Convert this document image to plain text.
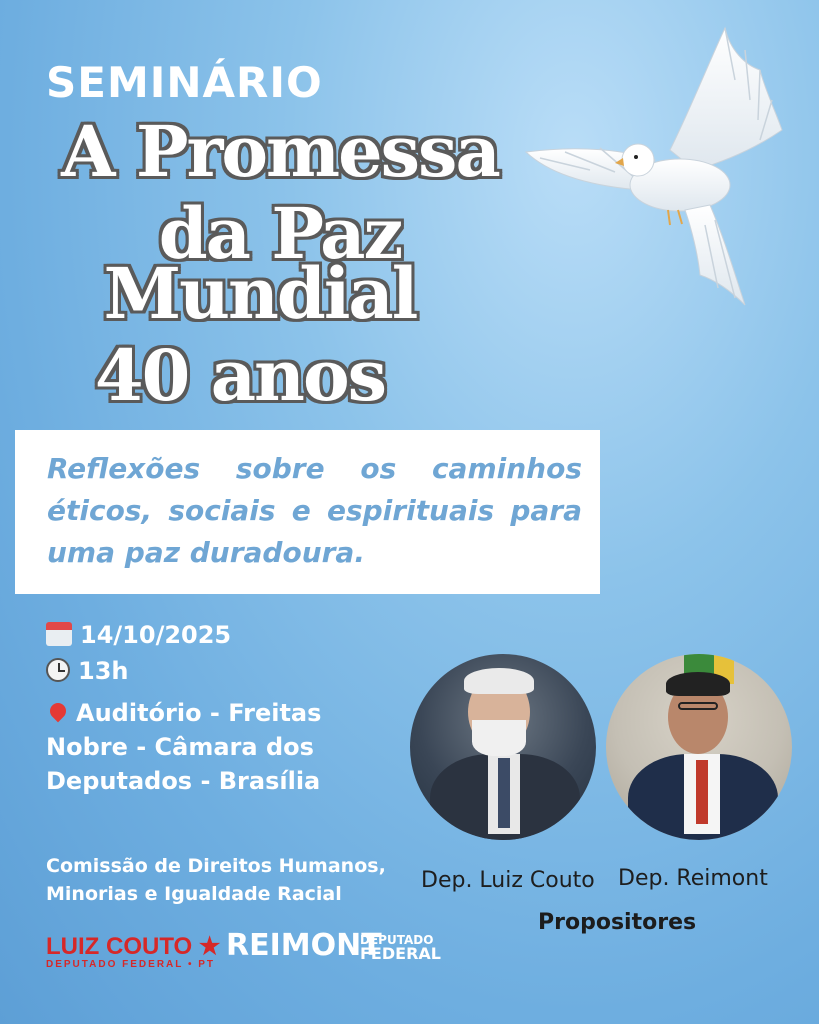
SEMINÁRIO
A Promessa
da Paz
Mundial
40 anos
Reflexões sobre os caminhos éticos, sociais e espirituais para uma paz duradoura.
14/10/2025
13h
Auditório - Freitas
Nobre - Câmara dos
Deputados - Brasília
Dep. Luiz Couto Dep. Reimont
Propositores
Comissão de Direitos Humanos,
Minorias e Igualdade Racial
LUIZ COUTO ★
DEPUTADO FEDERAL • PT
REIMONT
DEPUTADO
FEDERAL
